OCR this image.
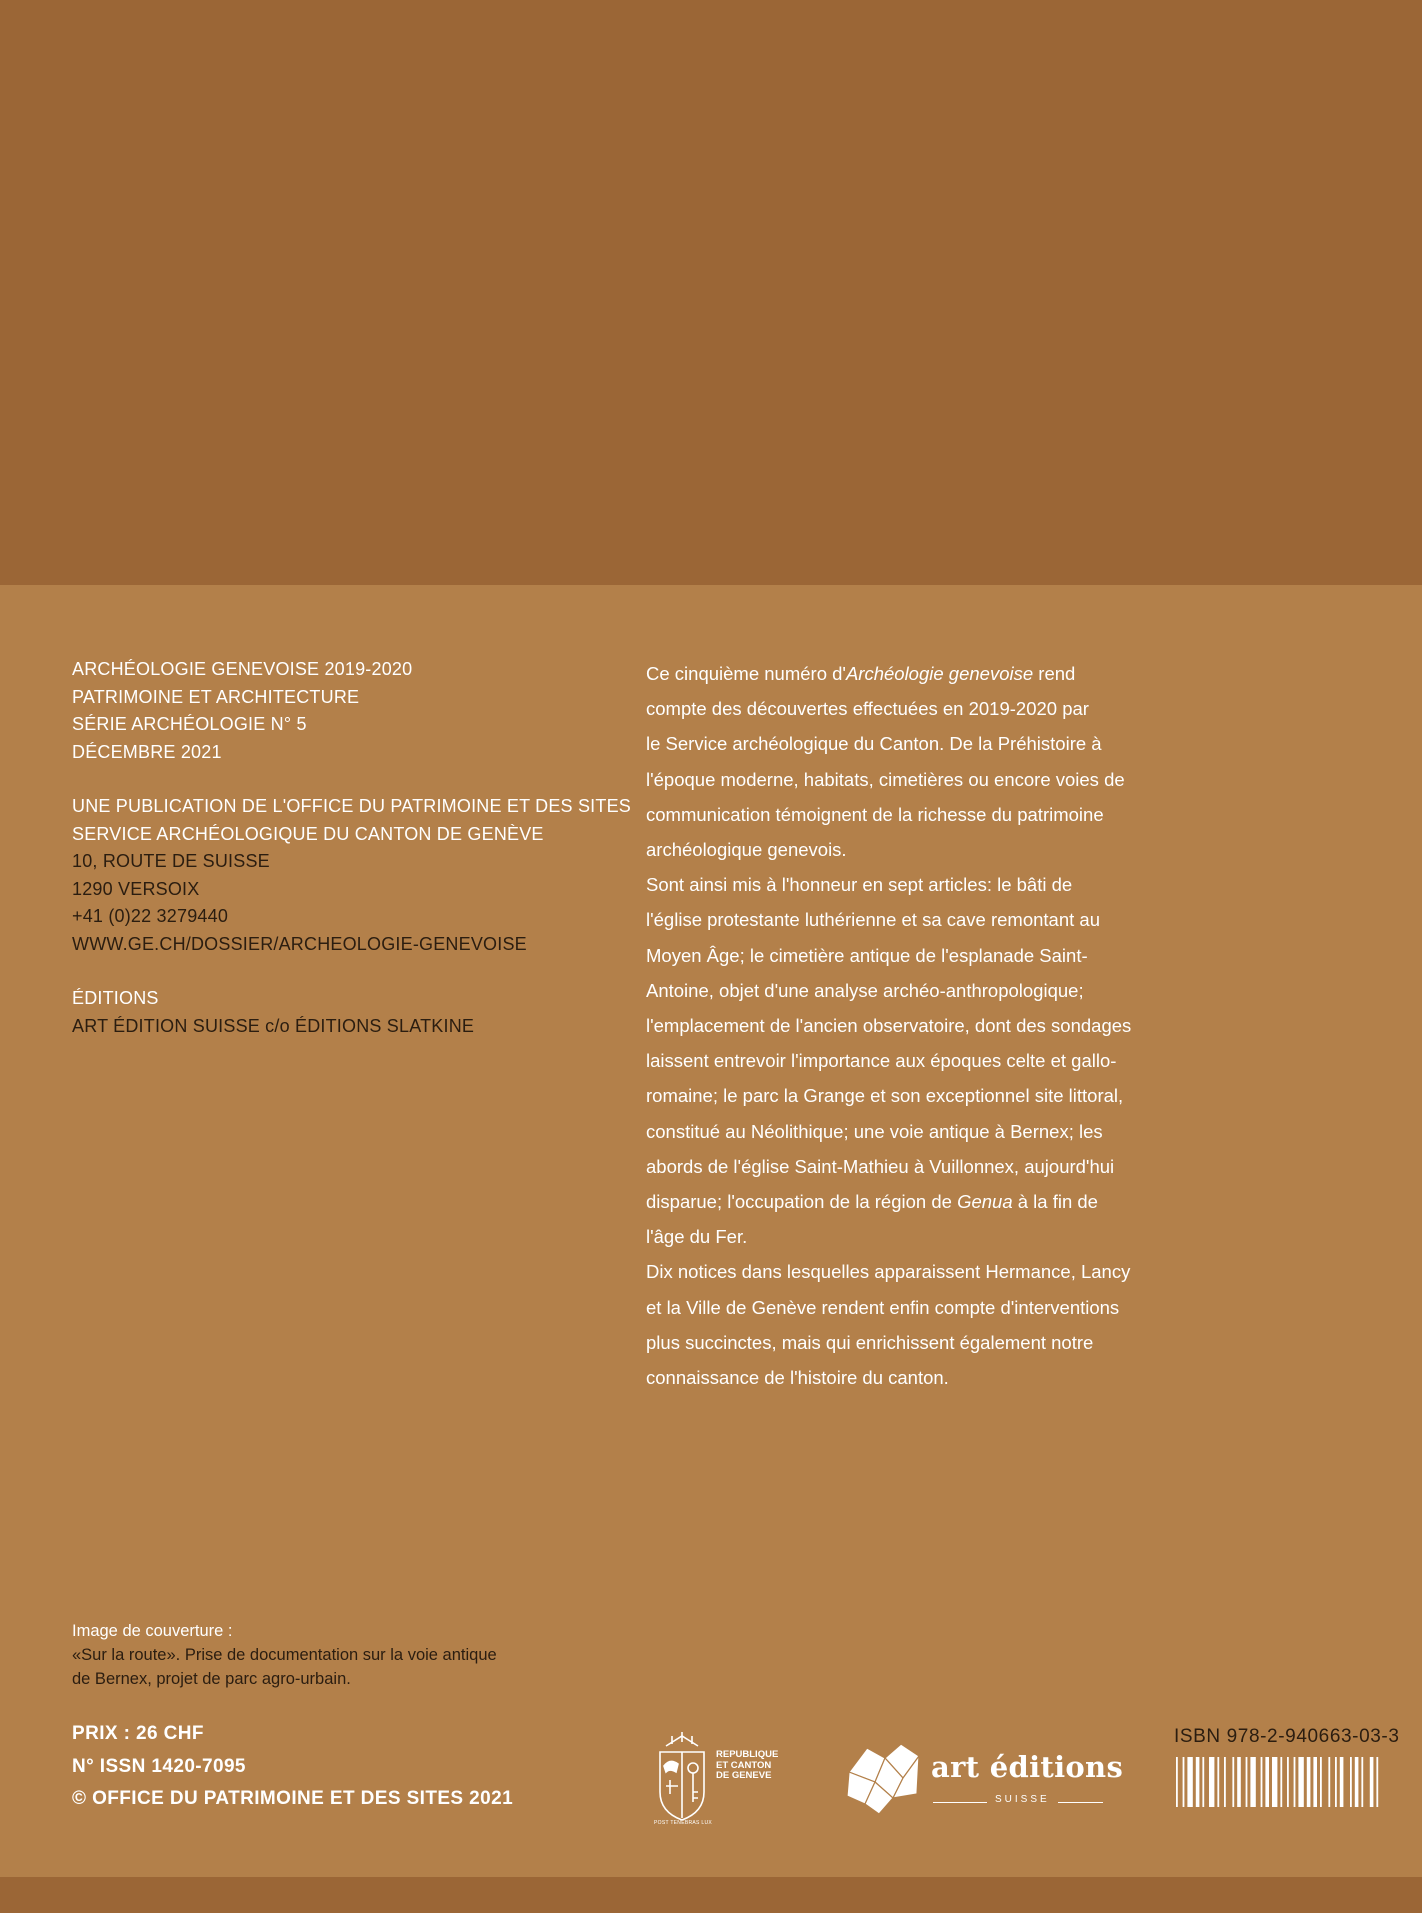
ARCHÉOLOGIE GENEVOISE 2019-2020
PATRIMOINE ET ARCHITECTURE
SÉRIE ARCHÉOLOGIE N° 5
DÉCEMBRE 2021
UNE PUBLICATION DE L'OFFICE DU PATRIMOINE ET DES SITES
SERVICE ARCHÉOLOGIQUE DU CANTON DE GENÈVE
10, ROUTE DE SUISSE
1290 VERSOIX
+41 (0)22 3279440
WWW.GE.CH/DOSSIER/ARCHEOLOGIE-GENEVOISE
ÉDITIONS
ART ÉDITION SUISSE c/o ÉDITIONS SLATKINE
Ce cinquième numéro d'Archéologie genevoise rend
compte des découvertes effectuées en 2019-2020 par
le Service archéologique du Canton. De la Préhistoire à
l'époque moderne, habitats, cimetières ou encore voies de
communication témoignent de la richesse du patrimoine
archéologique genevois.
Sont ainsi mis à l'honneur en sept articles: le bâti de
l'église protestante luthérienne et sa cave remontant au
Moyen Âge; le cimetière antique de l'esplanade Saint-
Antoine, objet d'une analyse archéo-anthropologique;
l'emplacement de l'ancien observatoire, dont des sondages
laissent entrevoir l'importance aux époques celte et gallo-
romaine; le parc la Grange et son exceptionnel site littoral,
constitué au Néolithique; une voie antique à Bernex; les
abords de l'église Saint-Mathieu à Vuillonnex, aujourd'hui
disparue; l'occupation de la région de Genua à la fin de
l'âge du Fer.
Dix notices dans lesquelles apparaissent Hermance, Lancy
et la Ville de Genève rendent enfin compte d'interventions
plus succinctes, mais qui enrichissent également notre
connaissance de l'histoire du canton.
Image de couverture :
«Sur la route». Prise de documentation sur la voie antique
de Bernex, projet de parc agro-urbain.
PRIX : 26 CHF
N° ISSN 1420-7095
© OFFICE DU PATRIMOINE ET DES SITES 2021
REPUBLIQUE
ET CANTON
DE GENEVE
POST TENEBRAS LUX
art éditions
SUISSE
ISBN 978-2-940663-03-3
